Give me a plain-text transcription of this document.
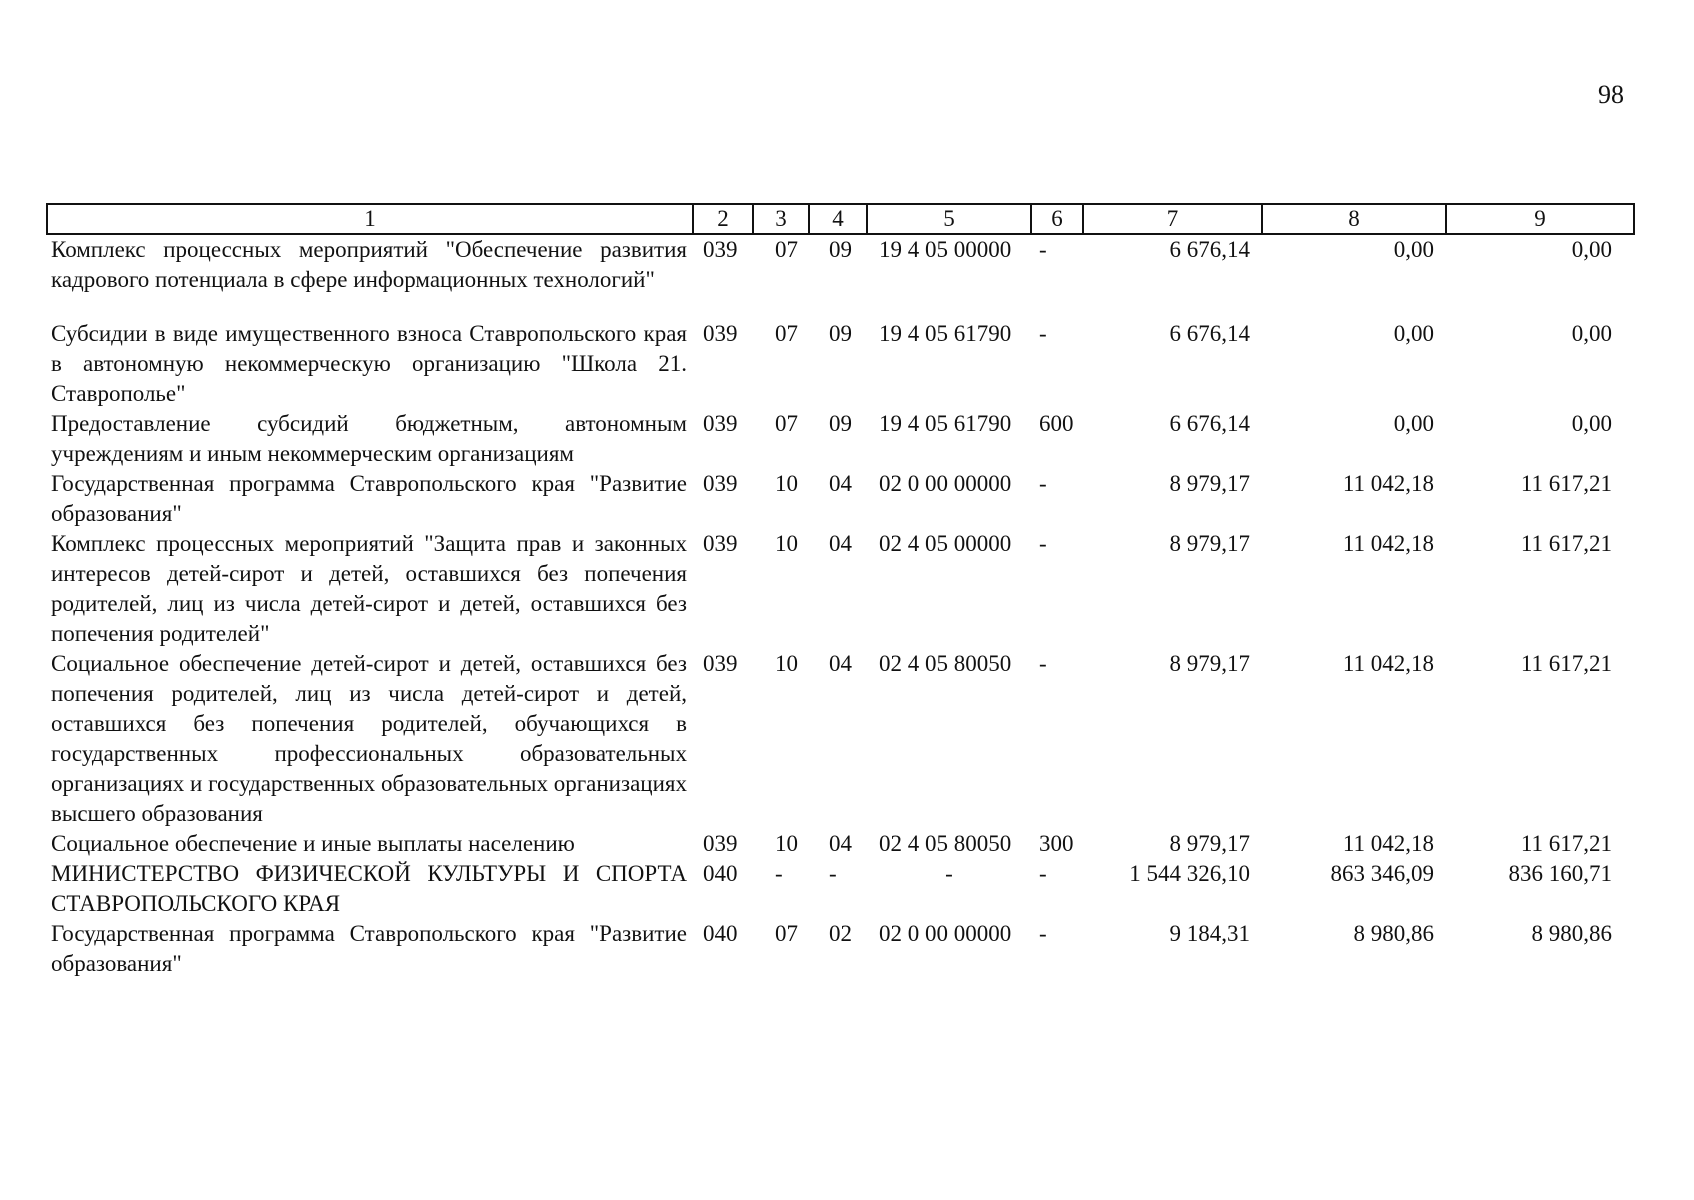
98
1	2	3	4	5	6	7	8	9
Комплекс процессных мероприятий "Обеспечение развития кадрового потенциала в сфере информационных технологий"	039	07	09	19 4 05 00000	-	6 676,14	0,00	0,00

Субсидии в виде имущественного взноса Ставропольского края в автономную некоммерческую организацию "Школа 21. Ставрополье"	039	07	09	19 4 05 61790	-	6 676,14	0,00	0,00
Предоставление субсидий бюджетным, автономным учреждениям и иным некоммерческим организациям	039	07	09	19 4 05 61790	600	6 676,14	0,00	0,00
Государственная программа Ставропольского края "Развитие образования"	039	10	04	02 0 00 00000	-	8 979,17	11 042,18	11 617,21
Комплекс процессных мероприятий "Защита прав и законных интересов детей-сирот и детей, оставшихся без попечения родителей, лиц из числа детей-сирот и детей, оставшихся без попечения родителей"	039	10	04	02 4 05 00000	-	8 979,17	11 042,18	11 617,21
Социальное обеспечение детей-сирот и детей, оставшихся без попечения родителей, лиц из числа детей-сирот и детей, оставшихся без попечения родителей, обучающихся в государственных профессиональных образовательных организациях и государственных образовательных организациях высшего образования	039	10	04	02 4 05 80050	-	8 979,17	11 042,18	11 617,21
Социальное обеспечение и иные выплаты населению	039	10	04	02 4 05 80050	300	8 979,17	11 042,18	11 617,21
МИНИСТЕРСТВО ФИЗИЧЕСКОЙ КУЛЬТУРЫ И СПОРТА СТАВРОПОЛЬСКОГО КРАЯ	040	-	-	-	-	1 544 326,10	863 346,09	836 160,71
Государственная программа Ставропольского края "Развитие образования"	040	07	02	02 0 00 00000	-	9 184,31	8 980,86	8 980,86
